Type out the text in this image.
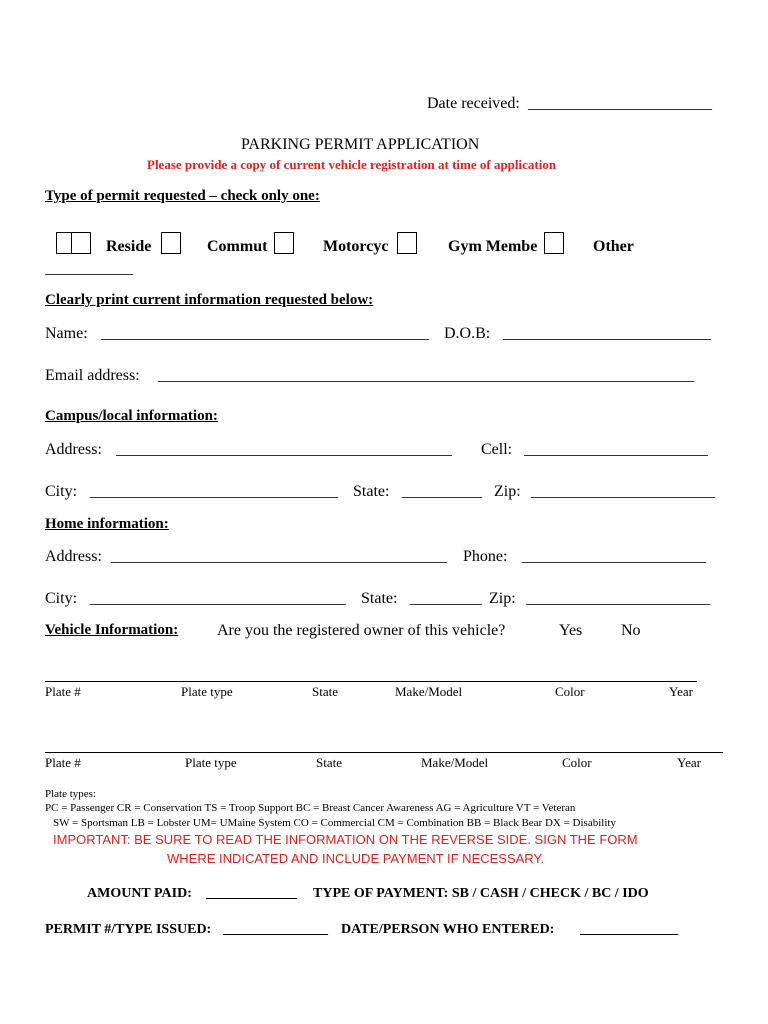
Date received: _______________________
PARKING PERMIT APPLICATION
Please provide a copy of current vehicle registration at time of application
Type of permit requested – check only one:
Reside	Commut	Motorcyc	Gym Membe	Other
___________
Clearly print current information requested below:
Name: _________________________________________ D.O.B: __________________________
Email address: ___________________________________________________________________
Campus/local information:
Address: __________________________________________ Cell: _______________________
City: _______________________________ State: __________ Zip: _______________________
Home information:
Address: __________________________________________ Phone: _______________________
City: ________________________________ State: _________ Zip: _______________________
Vehicle Information: Are you the registered owner of this vehicle?	Yes No
Plate #	Plate type	State	Make/Model	Color	Year
Plate #	Plate type	State	Make/Model	Color	Year
Plate types:
PC = Passenger CR = Conservation TS = Troop Support BC = Breast Cancer Awareness AG = Agriculture VT = Veteran
SW = Sportsman LB = Lobster UM= UMaine System CO = Commercial CM = Combination BB = Black Bear DX = Disability
IMPORTANT: BE SURE TO READ THE INFORMATION ON THE REVERSE SIDE. SIGN THE FORM
WHERE INDICATED AND INCLUDE PAYMENT IF NECESSARY.
AMOUNT PAID: _____________ TYPE OF PAYMENT: SB / CASH / CHECK / BC / IDO
PERMIT #/TYPE ISSUED: _______________ DATE/PERSON WHO ENTERED: ______________
